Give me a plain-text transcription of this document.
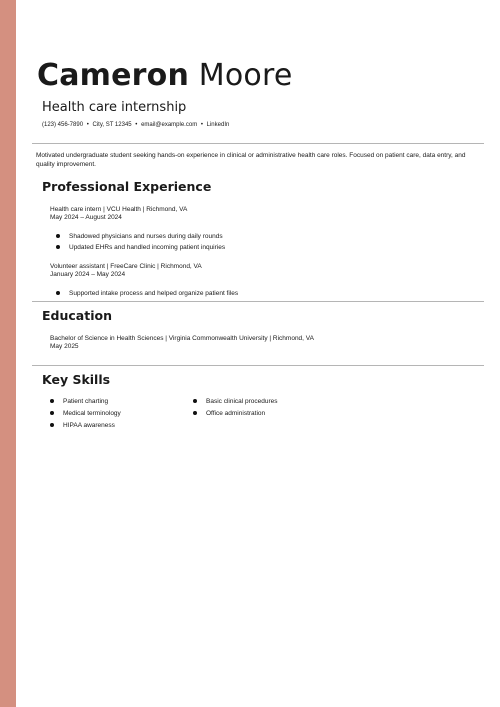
Cameron Moore
Health care internship
(123) 456-7890 • City, ST 12345 • email@example.com • LinkedIn
Motivated undergraduate student seeking hands-on experience in clinical or administrative health care roles. Focused on patient care, data entry, and quality improvement.
Professional Experience
Health care intern | VCU Health | Richmond, VA
May 2024 – August 2024
Shadowed physicians and nurses during daily rounds
Updated EHRs and handled incoming patient inquiries
Volunteer assistant | FreeCare Clinic | Richmond, VA
January 2024 – May 2024
Supported intake process and helped organize patient files
Education
Bachelor of Science in Health Sciences | Virginia Commonwealth University | Richmond, VA
May 2025
Key Skills
Patient charting	Basic clinical procedures
Medical terminology	Office administration
HIPAA awareness
